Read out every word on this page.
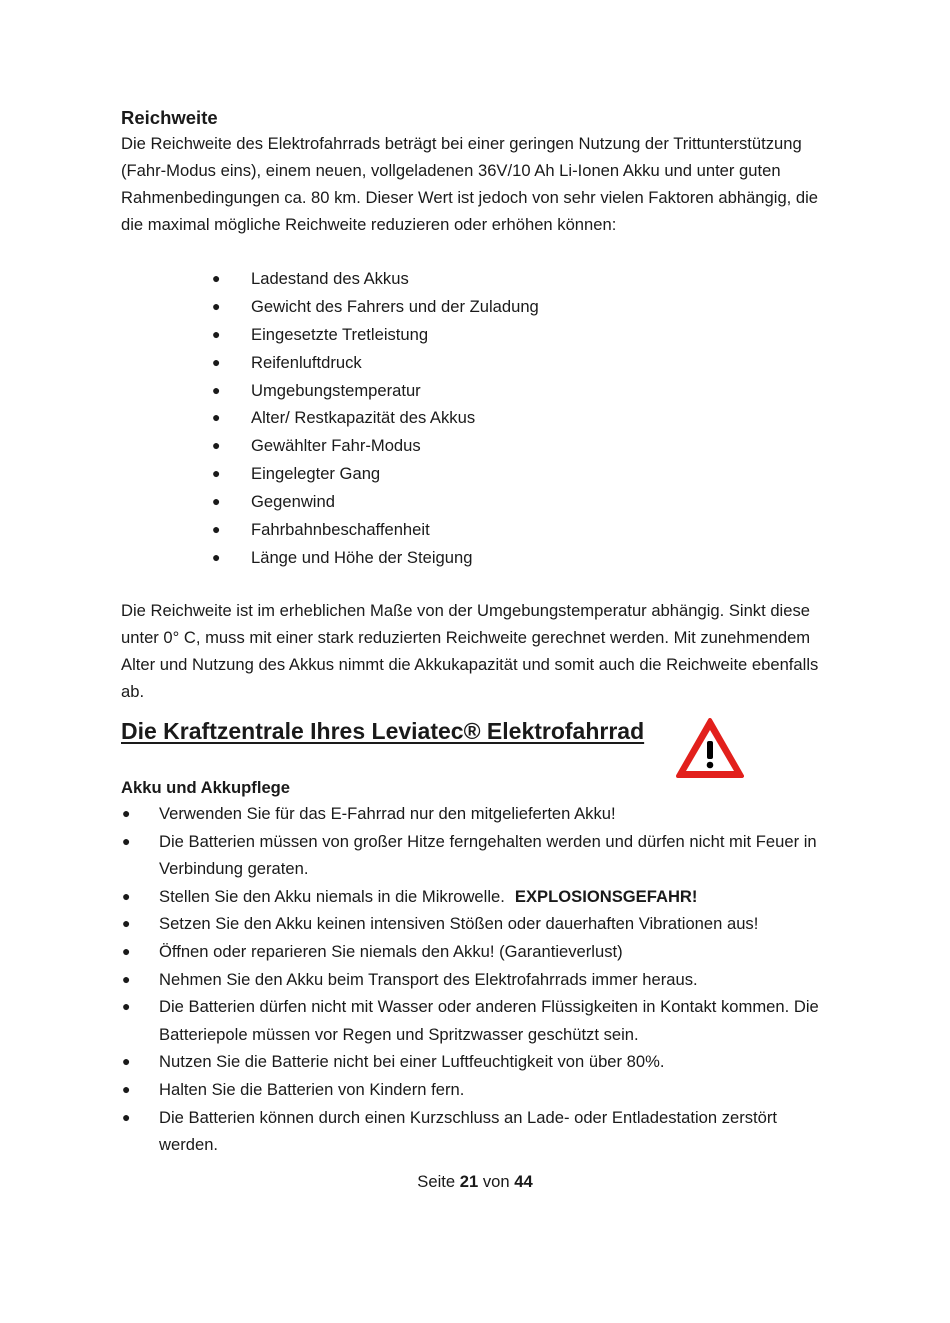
Reichweite
Die Reichweite des Elektrofahrrads beträgt bei einer geringen Nutzung der Trittunterstützung (Fahr-Modus eins), einem neuen, vollgeladenen 36V/10 Ah Li-Ionen Akku und unter guten Rahmenbedingungen ca. 80 km. Dieser Wert ist jedoch von sehr vielen Faktoren abhängig, die die maximal mögliche Reichweite reduzieren oder erhöhen können:
● Ladestand des Akkus
● Gewicht des Fahrers und der Zuladung
● Eingesetzte Tretleistung
● Reifenluftdruck
● Umgebungstemperatur
● Alter/ Restkapazität des Akkus
● Gewählter Fahr-Modus
● Eingelegter Gang
● Gegenwind
● Fahrbahnbeschaffenheit
● Länge und Höhe der Steigung
Die Reichweite ist im erheblichen Maße von der Umgebungstemperatur abhängig. Sinkt diese unter 0° C, muss mit einer stark reduzierten Reichweite gerechnet werden. Mit zunehmendem Alter und Nutzung des Akkus nimmt die Akkukapazität und somit auch die Reichweite ebenfalls ab.
Die Kraftzentrale Ihres Leviatec® Elektrofahrrad
Akku und Akkupflege
● Verwenden Sie für das E-Fahrrad nur den mitgelieferten Akku!
● Die Batterien müssen von großer Hitze ferngehalten werden und dürfen nicht mit Feuer in Verbindung geraten.
● Stellen Sie den Akku niemals in die Mikrowelle. EXPLOSIONSGEFAHR!
● Setzen Sie den Akku keinen intensiven Stößen oder dauerhaften Vibrationen aus!
● Öffnen oder reparieren Sie niemals den Akku! (Garantieverlust)
● Nehmen Sie den Akku beim Transport des Elektrofahrrads immer heraus.
● Die Batterien dürfen nicht mit Wasser oder anderen Flüssigkeiten in Kontakt kommen. Die Batteriepole müssen vor Regen und Spritzwasser geschützt sein.
● Nutzen Sie die Batterie nicht bei einer Luftfeuchtigkeit von über 80%.
● Halten Sie die Batterien von Kindern fern.
● Die Batterien können durch einen Kurzschluss an Lade- oder Entladestation zerstört werden.
Seite 21 von 44
